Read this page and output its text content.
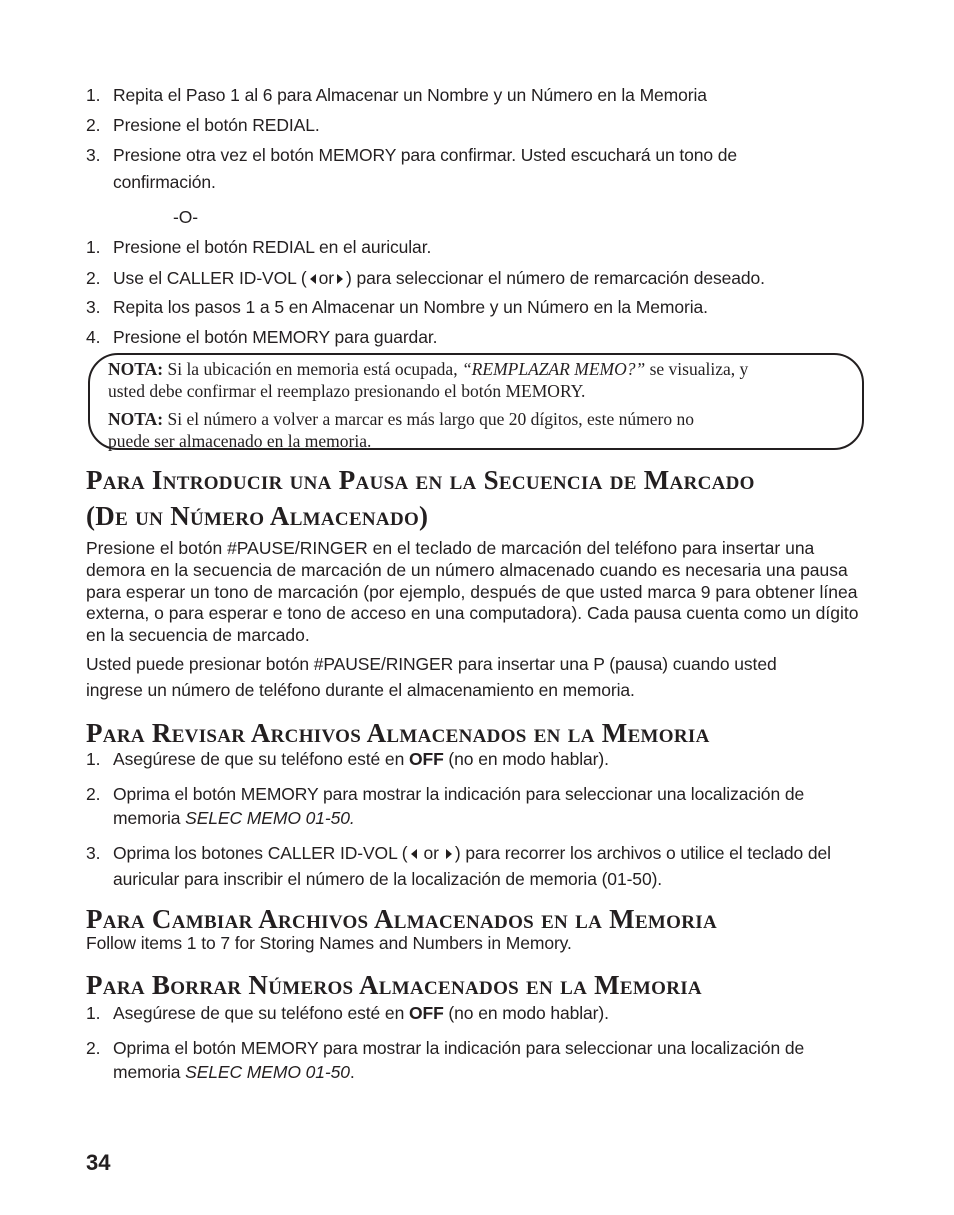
1. Repita el Paso 1 al 6 para Almacenar un Nombre y un Número en la Memoria
2. Presione el botón REDIAL.
3. Presione otra vez el botón MEMORY para confirmar. Usted escuchará un tono de
confirmación.
-O-
1. Presione el botón REDIAL en el auricular.
2. Use el CALLER ID-VOL ( or ) para seleccionar el número de remarcación deseado.
3. Repita los pasos 1 a 5 en Almacenar un Nombre y un Número en la Memoria.
4. Presione el botón MEMORY para guardar.
NOTA: Si la ubicación en memoria está ocupada, “REMPLAZAR MEMO?” se visualiza, y
usted debe confirmar el reemplazo presionando el botón MEMORY.
NOTA: Si el número a volver a marcar es más largo que 20 dígitos, este número no
puede ser almacenado en la memoria.
Para Introducir una Pausa en la Secuencia de Marcado
(De un Número Almacenado)
Presione el botón #PAUSE/RINGER en el teclado de marcación del teléfono para insertar una demora en la secuencia de marcación de un número almacenado cuando es necesaria una pausa para esperar un tono de marcación (por ejemplo, después de que usted marca 9 para obtener línea externa, o para esperar e tono de acceso en una computadora). Cada pausa cuenta como un dígito en la secuencia de marcado.
Usted puede presionar botón #PAUSE/RINGER para insertar una P (pausa) cuando usted
ingrese un número de teléfono durante el almacenamiento en memoria.
Para Revisar Archivos Almacenados en la Memoria
1. Asegúrese de que su teléfono esté en OFF (no en modo hablar).
2. Oprima el botón MEMORY para mostrar la indicación para seleccionar una localización de
memoria SELEC MEMO 01-50.
3. Oprima los botones CALLER ID-VOL ( or ) para recorrer los archivos o utilice el teclado del
auricular para inscribir el número de la localización de memoria (01-50).
Para Cambiar Archivos Almacenados en la Memoria
Follow items 1 to 7 for Storing Names and Numbers in Memory.
Para Borrar Números Almacenados en la Memoria
1. Asegúrese de que su teléfono esté en OFF (no en modo hablar).
2. Oprima el botón MEMORY para mostrar la indicación para seleccionar una localización de
memoria SELEC MEMO 01-50.
34
